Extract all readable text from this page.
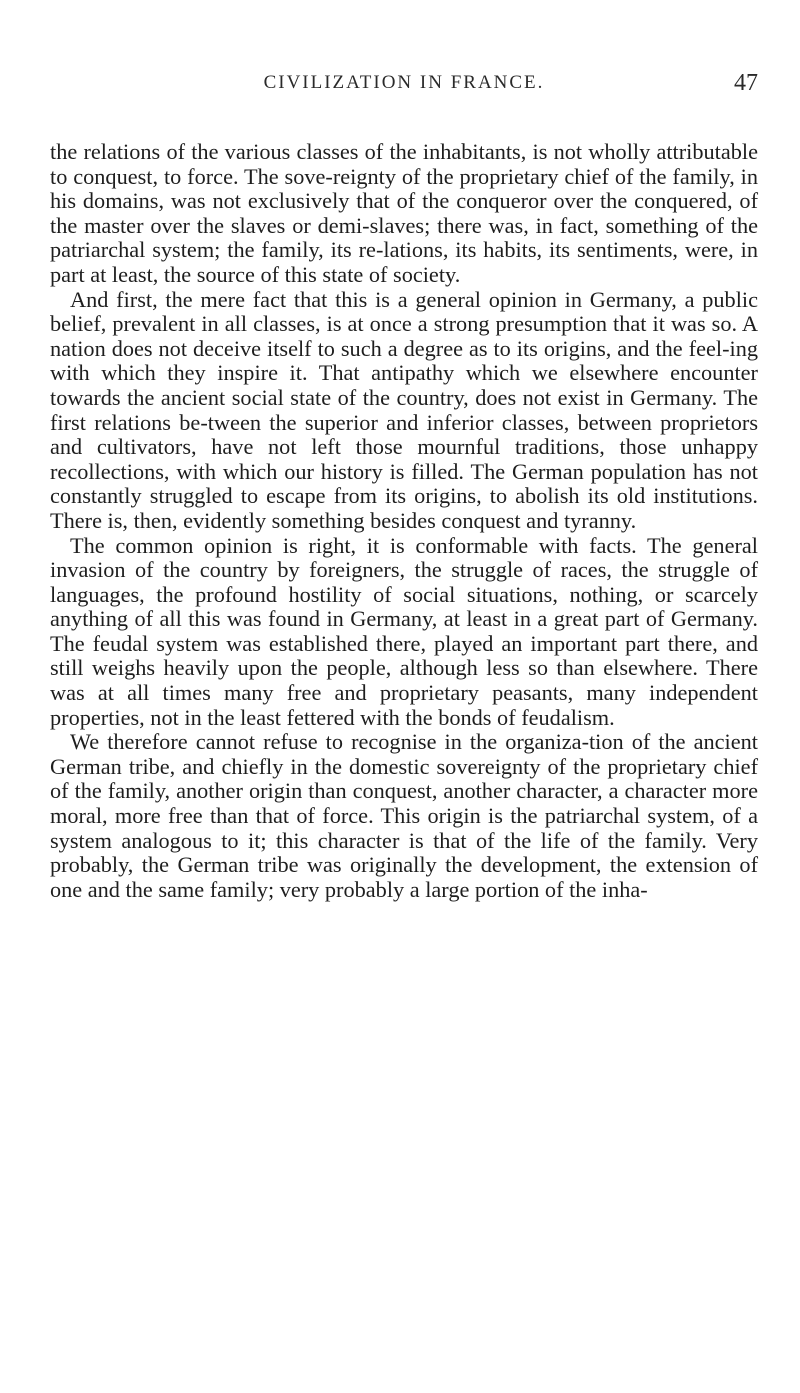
CIVILIZATION IN FRANCE.	47

the relations of the various classes of the inhabitants, is not wholly attributable to conquest, to force. The sove-reignty of the proprietary chief of the family, in his domains, was not exclusively that of the conqueror over the conquered, of the master over the slaves or demi-slaves; there was, in fact, something of the patriarchal system; the family, its re-lations, its habits, its sentiments, were, in part at least, the source of this state of society.

And first, the mere fact that this is a general opinion in Germany, a public belief, prevalent in all classes, is at once a strong presumption that it was so. A nation does not deceive itself to such a degree as to its origins, and the feel-ing with which they inspire it. That antipathy which we elsewhere encounter towards the ancient social state of the country, does not exist in Germany. The first relations be-tween the superior and inferior classes, between proprietors and cultivators, have not left those mournful traditions, those unhappy recollections, with which our history is filled. The German population has not constantly struggled to escape from its origins, to abolish its old institutions. There is, then, evidently something besides conquest and tyranny.

The common opinion is right, it is conformable with facts. The general invasion of the country by foreigners, the struggle of races, the struggle of languages, the profound hostility of social situations, nothing, or scarcely anything of all this was found in Germany, at least in a great part of Germany. The feudal system was established there, played an important part there, and still weighs heavily upon the people, although less so than elsewhere. There was at all times many free and proprietary peasants, many independent properties, not in the least fettered with the bonds of feudalism.

We therefore cannot refuse to recognise in the organiza-tion of the ancient German tribe, and chiefly in the domestic sovereignty of the proprietary chief of the family, another origin than conquest, another character, a character more moral, more free than that of force. This origin is the patriarchal system, of a system analogous to it; this character is that of the life of the family. Very probably, the German tribe was originally the development, the extension of one and the same family; very probably a large portion of the inha-
